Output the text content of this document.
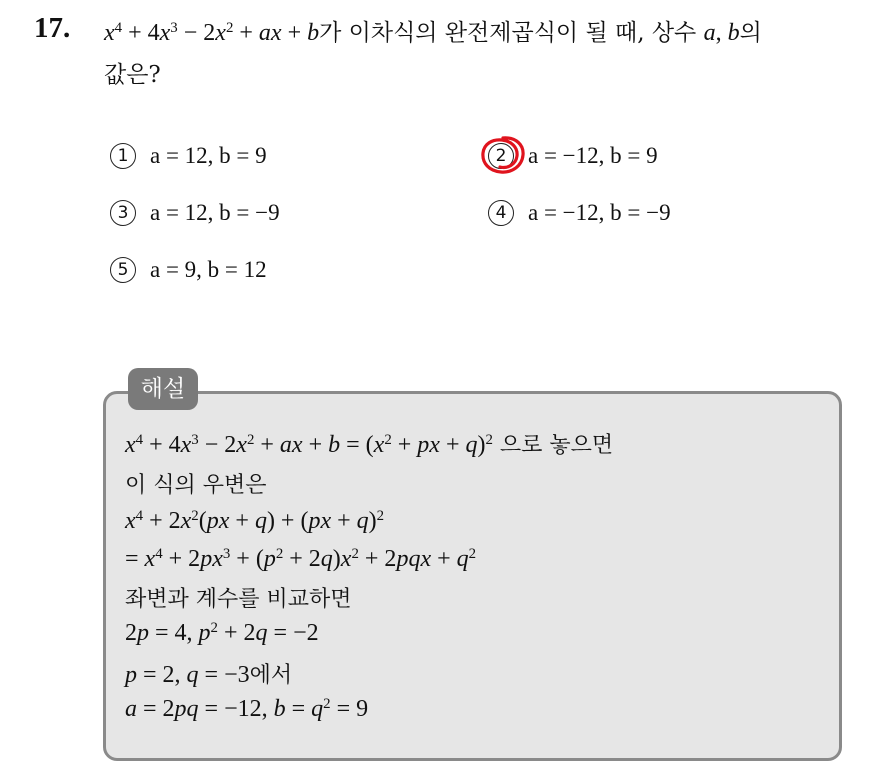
17. $x^4 + 4x^3 - 2x^2$ + ax + b가 이차식의 완전제곱식이 될 때, 상수 a, b의
값은?
1 a = 12, b = 9	2 a = −12, b = 9
3 a = 12, b = −9	4 a = −12, b = −9
5 a = 9, b = 12
해설
$x^4 + 4x^3 - 2x^2$ + ax + $b = (x^2$ + px + q)$^2$ 으로 놓으면
이 식의 우변은
$x^4 + 2x^2(px + q) + (px + q)^2$
= $x^4 + 2px^3 + (p^2 + 2q)x^2 + 2pqx + q^2$
좌변과 계수를 비교하면
2p = 4, $p^2 + 2q = -2$
p = 2, q = −3에서
a = 2pq = −12, $b = q^2 = 9$
